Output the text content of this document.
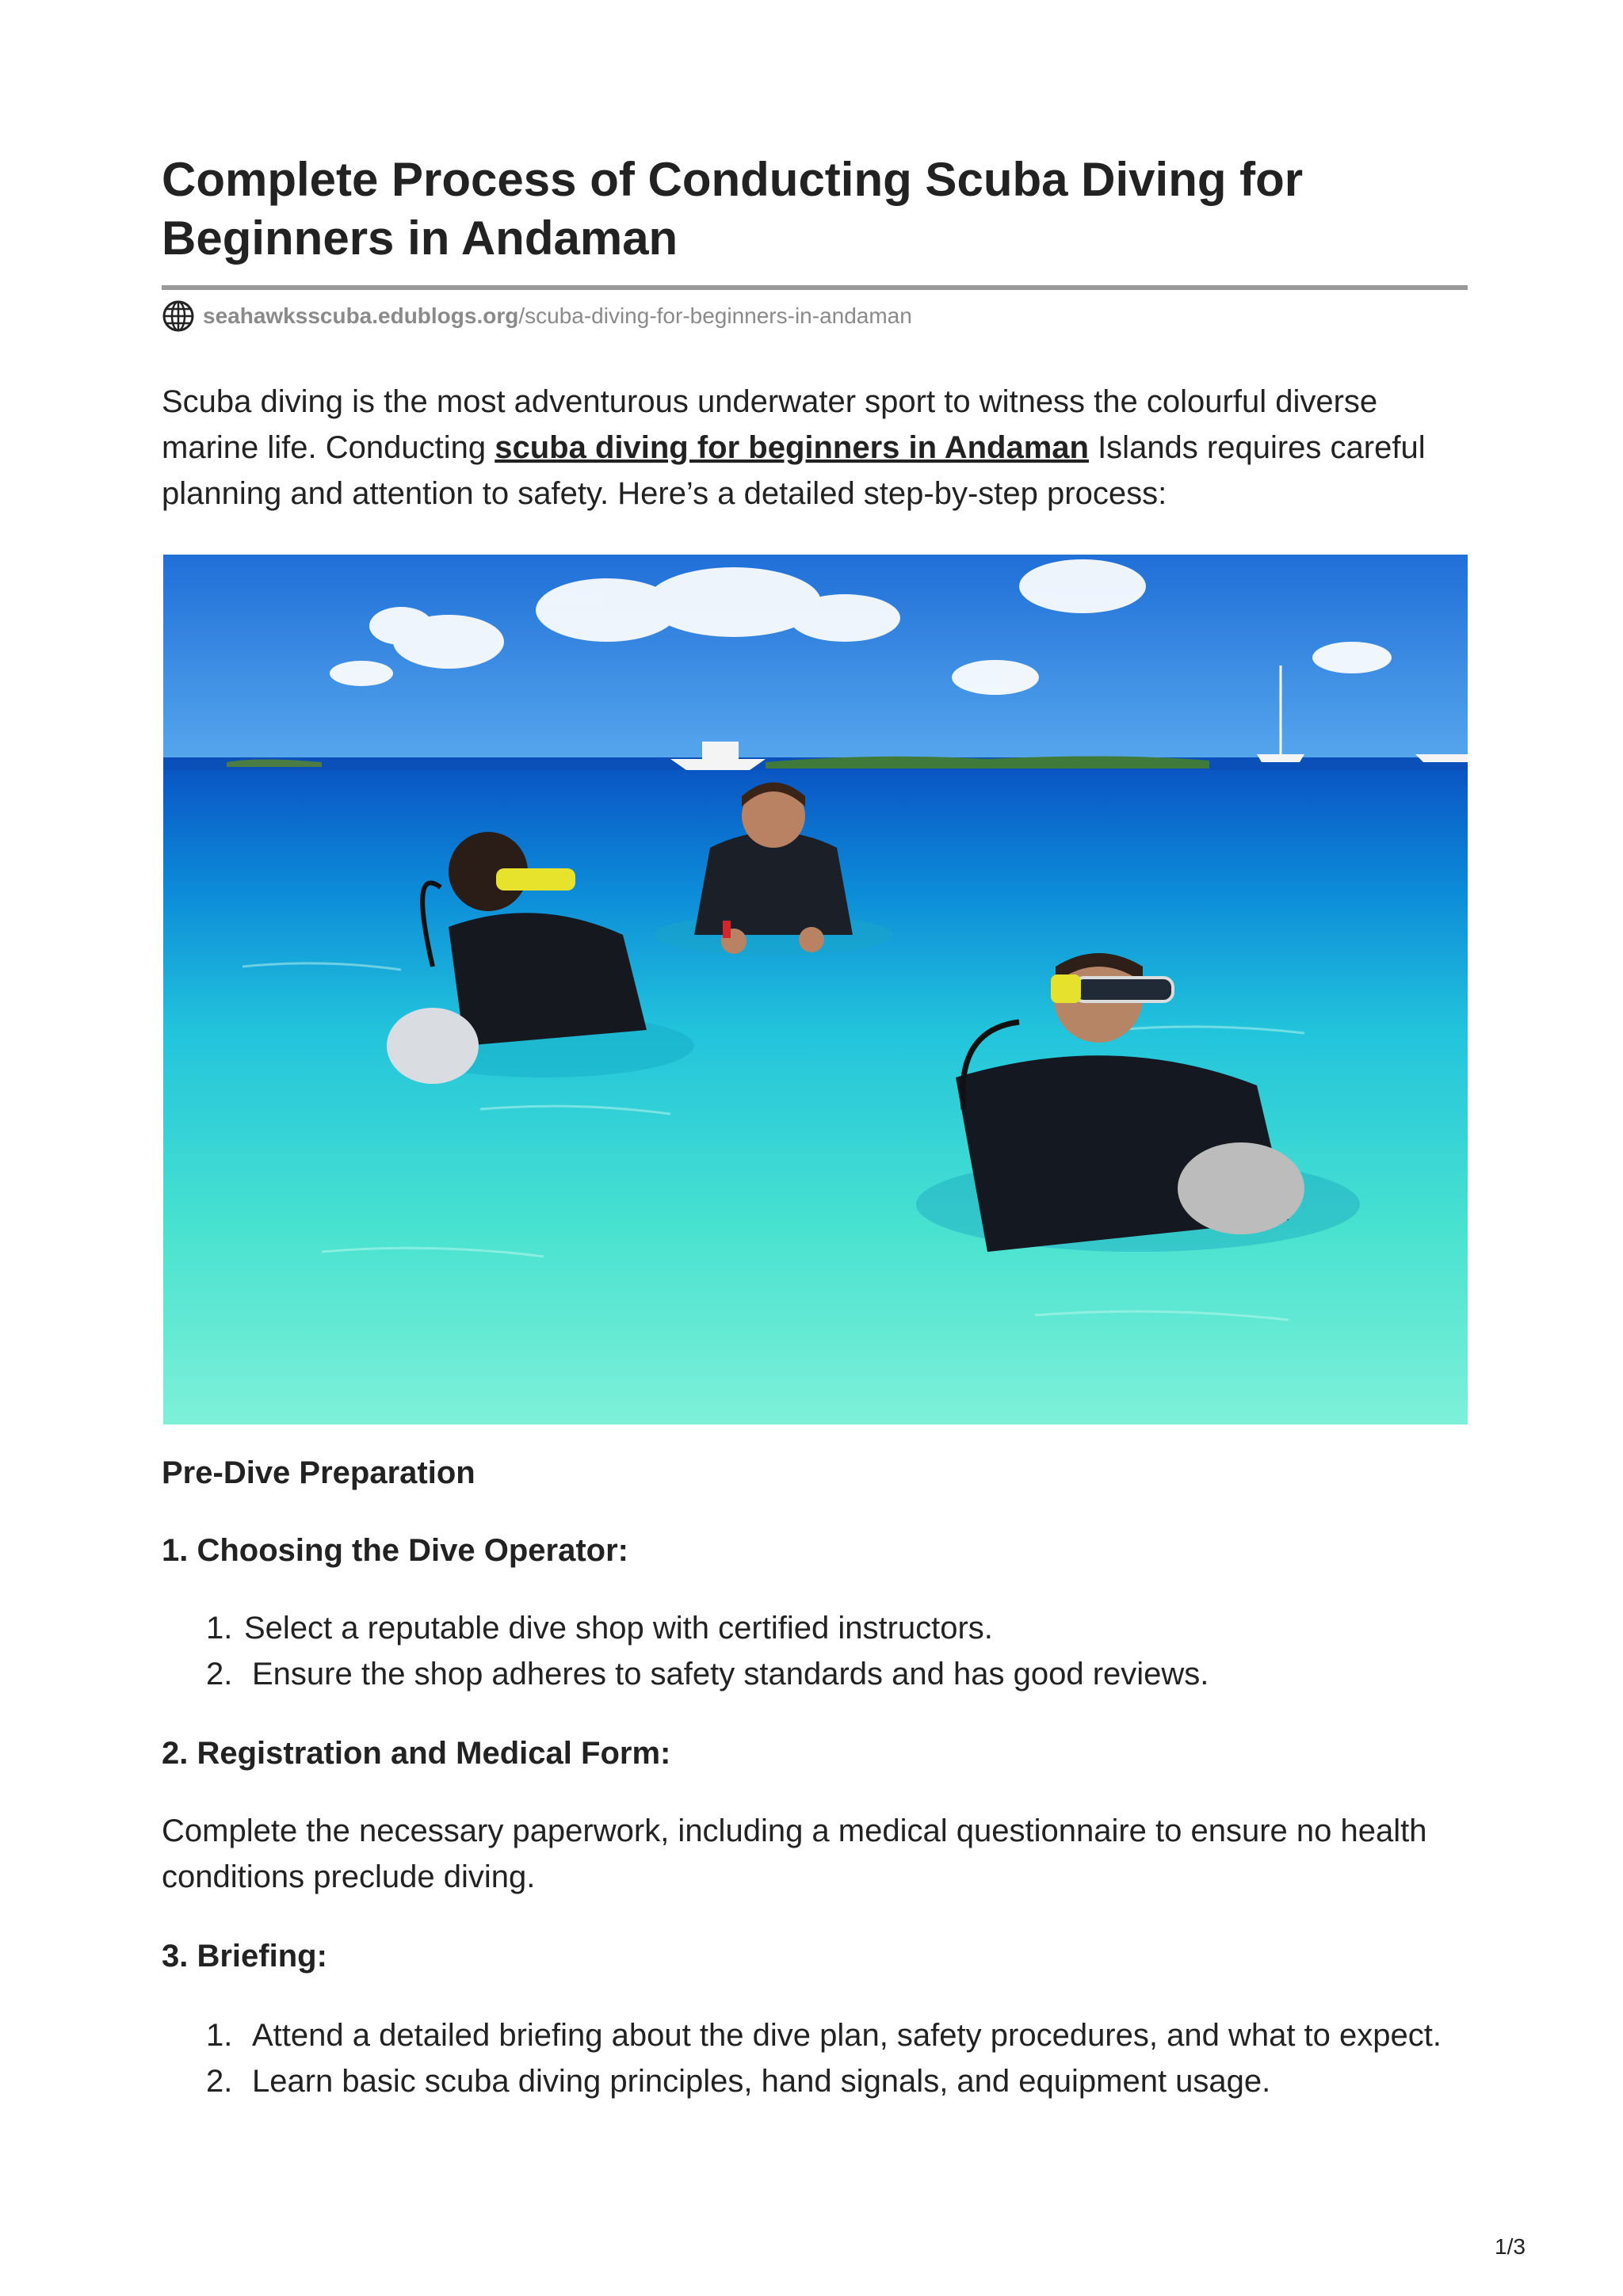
Complete Process of Conducting Scuba Diving for Beginners in Andaman
seahawksscuba.edublogs.org /scuba-diving-for-beginners-in-andaman

Scuba diving is the most adventurous underwater sport to witness the colourful diverse marine life. Conducting scuba diving for beginners in Andaman Islands requires careful planning and attention to safety. Here’s a detailed step-by-step process:

Pre-Dive Preparation
1. Choosing the Dive Operator:
1. Select a reputable dive shop with certified instructors.
2. Ensure the shop adheres to safety standards and has good reviews.
2. Registration and Medical Form:

Complete the necessary paperwork, including a medical questionnaire to ensure no health conditions preclude diving.

3. Briefing:
1. Attend a detailed briefing about the dive plan, safety procedures, and what to expect.
2. Learn basic scuba diving principles, hand signals, and equipment usage.
1/3
